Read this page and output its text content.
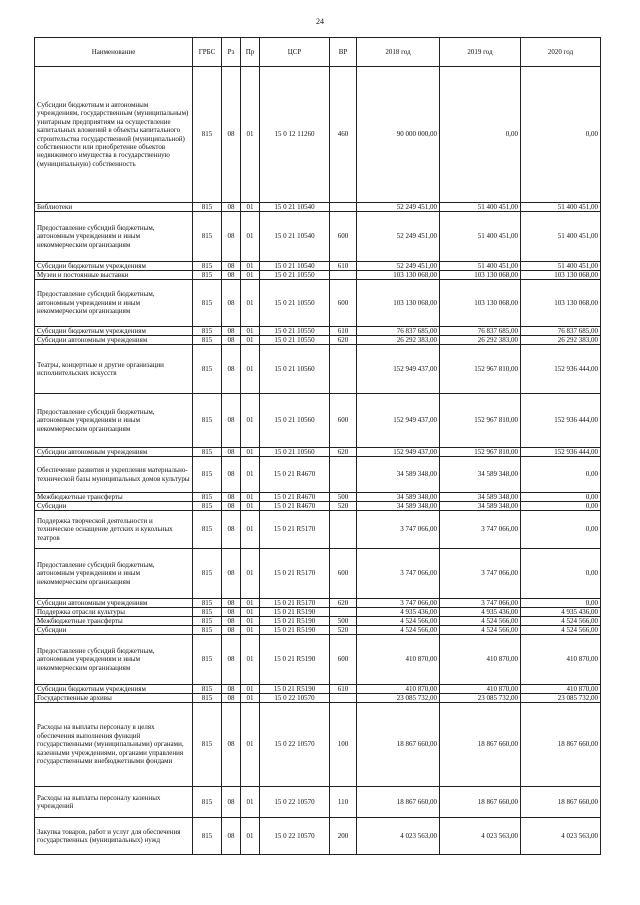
24
Наименование	ГРБС	Рз	Пр	ЦСР	ВР	2018 год	2019 год	2020 год
Субсидии бюджетным и автономным учреждениям, государственным (муниципальным) унитарным предприятиям на осуществление капитальных вложений в объекты капитального строительства государственной (муниципальной) собственности или приобретение объектов недвижимого имущества в государственную (муниципальную) собственность	815	08	01	15 0 12 11260	460	90 000 000,00	0,00	0,00
Библиотеки	815	08	01	15 0 21 10540		52 249 451,00	51 400 451,00	51 400 451,00
Предоставление субсидий бюджетным, автономным учреждениям и иным некоммерческим организациям	815	08	01	15 0 21 10540	600	52 249 451,00	51 400 451,00	51 400 451,00
Субсидии бюджетным учреждениям	815	08	01	15 0 21 10540	610	52 249 451,00	51 400 451,00	51 400 451,00
Музеи и постоянные выставки	815	08	01	15 0 21 10550		103 130 068,00	103 130 068,00	103 130 068,00
Предоставление субсидий бюджетным, автономным учреждениям и иным некоммерческим организациям	815	08	01	15 0 21 10550	600	103 130 068,00	103 130 068,00	103 130 068,00
Субсидии бюджетным учреждениям	815	08	01	15 0 21 10550	610	76 837 685,00	76 837 685,00	76 837 685,00
Субсидии автономным учреждениям	815	08	01	15 0 21 10550	620	26 292 383,00	26 292 383,00	26 292 383,00
Театры, концертные и другие организации исполнительских искусств	815	08	01	15 0 21 10560		152 949 437,00	152 967 810,00	152 936 444,00
Предоставление субсидий бюджетным, автономным учреждениям и иным некоммерческим организациям	815	08	01	15 0 21 10560	600	152 949 437,00	152 967 810,00	152 936 444,00
Субсидии автономным учреждениям	815	08	01	15 0 21 10560	620	152 949 437,00	152 967 810,00	152 936 444,00
Обеспечение развития и укрепления материально-технической базы муниципальных домов культуры	815	08	01	15 0 21 R4670		34 589 348,00	34 589 348,00	0,00
Межбюджетные трансферты	815	08	01	15 0 21 R4670	500	34 589 348,00	34 589 348,00	0,00
Субсидии	815	08	01	15 0 21 R4670	520	34 589 348,00	34 589 348,00	0,00
Поддержка творческой деятельности и техническое оснащение детских и кукольных театров	815	08	01	15 0 21 R5170		3 747 066,00	3 747 066,00	0,00
Предоставление субсидий бюджетным, автономным учреждениям и иным некоммерческим организациям	815	08	01	15 0 21 R5170	600	3 747 066,00	3 747 066,00	0,00
Субсидии автономным учреждениям	815	08	01	15 0 21 R5170	620	3 747 066,00	3 747 066,00	0,00
Поддержка отрасли культуры	815	08	01	15 0 21 R5190		4 935 436,00	4 935 436,00	4 935 436,00
Межбюджетные трансферты	815	08	01	15 0 21 R5190	500	4 524 566,00	4 524 566,00	4 524 566,00
Субсидии	815	08	01	15 0 21 R5190	520	4 524 566,00	4 524 566,00	4 524 566,00
Предоставление субсидий бюджетным, автономным учреждениям и иным некоммерческим организациям	815	08	01	15 0 21 R5190	600	410 870,00	410 870,00	410 870,00
Субсидии бюджетным учреждениям	815	08	01	15 0 21 R5190	610	410 870,00	410 870,00	410 870,00
Государственные архивы	815	08	01	15 0 22 10570		23 085 732,00	23 085 732,00	23 085 732,00
Расходы на выплаты персоналу в целях обеспечения выполнения функций государственными (муниципальными) органами, казенными учреждениями, органами управления государственными внебюджетными фондами	815	08	01	15 0 22 10570	100	18 867 660,00	18 867 660,00	18 867 660,00
Расходы на выплаты персоналу казенных учреждений	815	08	01	15 0 22 10570	110	18 867 660,00	18 867 660,00	18 867 660,00
Закупка товаров, работ и услуг для обеспечения государственных (муниципальных) нужд	815	08	01	15 0 22 10570	200	4 023 563,00	4 023 563,00	4 023 563,00
